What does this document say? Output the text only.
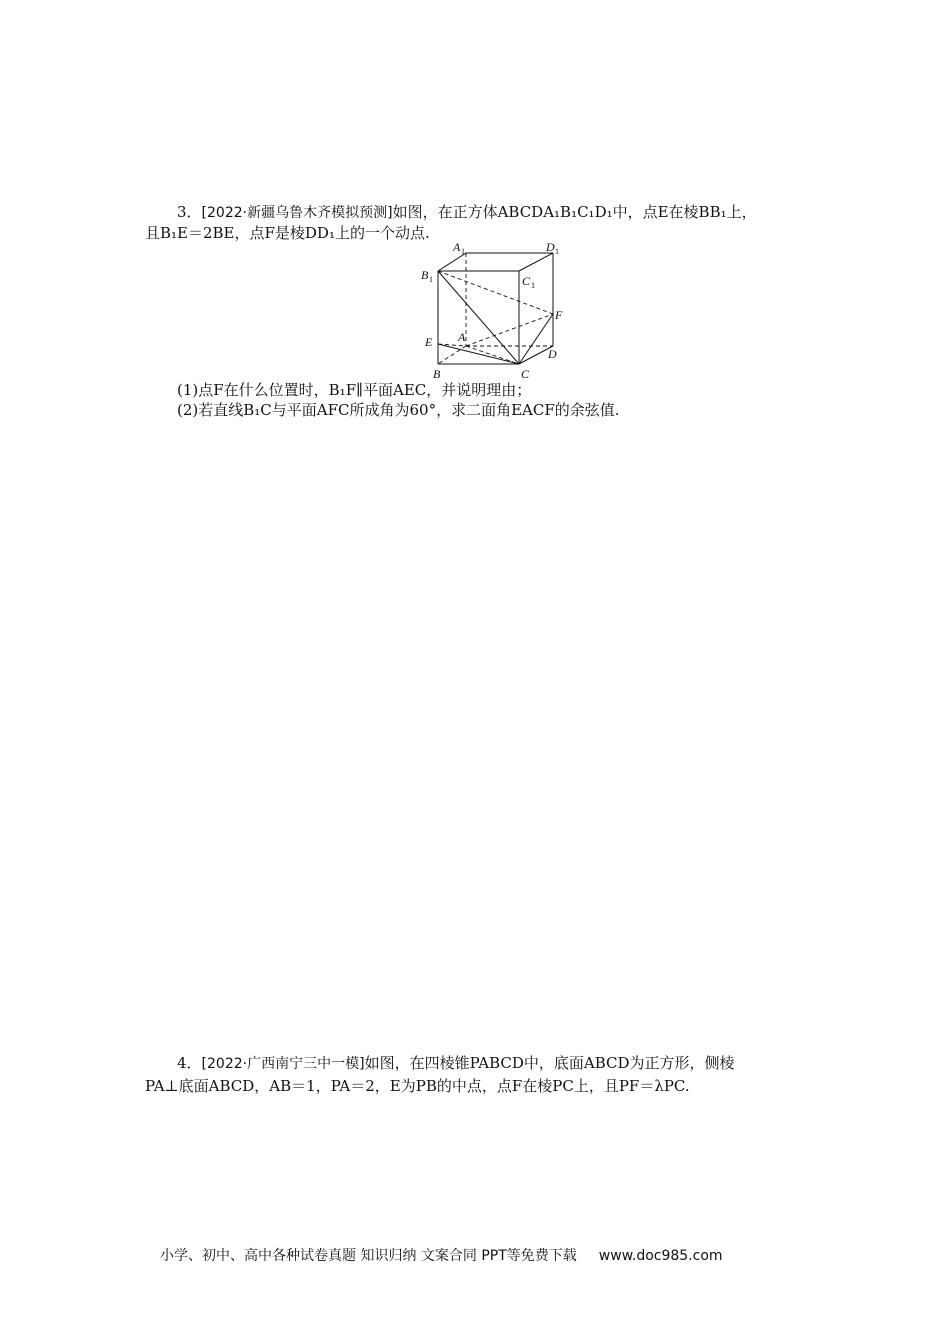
3．[2022·新疆乌鲁木齐模拟预测]如图，在正方体ABCDA₁B₁C₁D₁中，点E在棱BB₁上，
且B₁E＝2BE，点F是棱DD₁上的一个动点.
A 1	D 1
B 1	C 1
F
A
E
D
B	C
(1)点F在什么位置时，B₁F∥平面AEC，并说明理由；
(2)若直线B₁C与平面AFC所成角为60°，求二面角EACF的余弦值.
4．[2022·广西南宁三中一模]如图，在四棱锥PABCD中，底面ABCD为正方形，侧棱
PA⊥底面ABCD，AB＝1，PA＝2，E为PB的中点，点F在棱PC上，且PF＝λPC.
小学、初中、高中各种试卷真题 知识归纳 文案合同 PPT等免费下载 www.doc985.com
